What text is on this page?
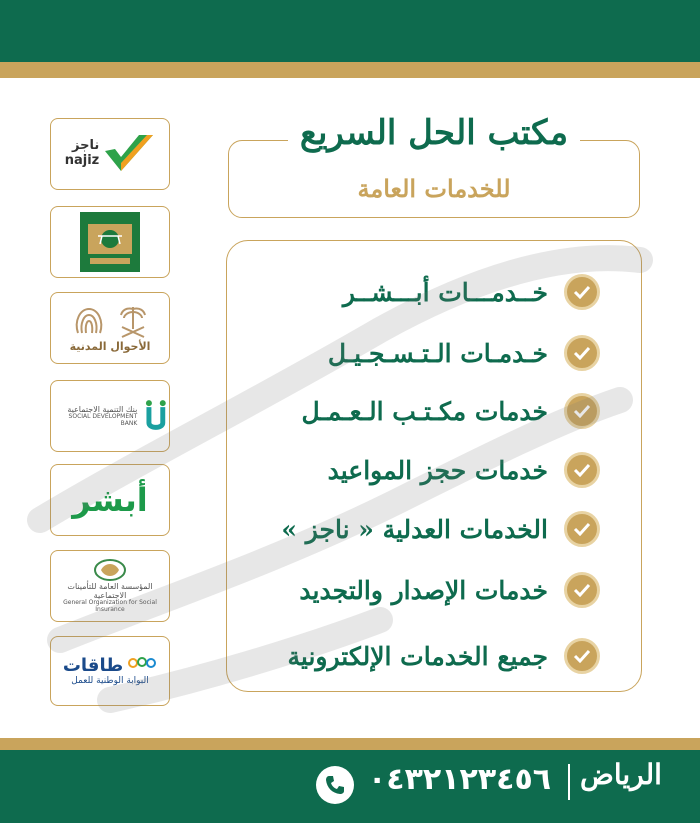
ناجز
najiz
الأحوال المدنية
بنك التنمية الاجتماعية
SOCIAL DEVELOPMENT BANK
أبشر
المؤسسة العامة للتأمينات الاجتماعية
General Organization for Social Insurance
طاقات
البوابة الوطنية للعمل
مكتب الحل السريع
للخدمات العامة
خــدمـــات أبـــشــر
خـدمـات الـتـسـجـيـل
خدمات مكـتـب الـعـمـل
خدمات حجز المواعيد
الخدمات العدلية « ناجز »
خدمات الإصدار والتجديد
جميع الخدمات الإلكترونية
٠٤٣٢١٢٣٤٥٦ الرياض
